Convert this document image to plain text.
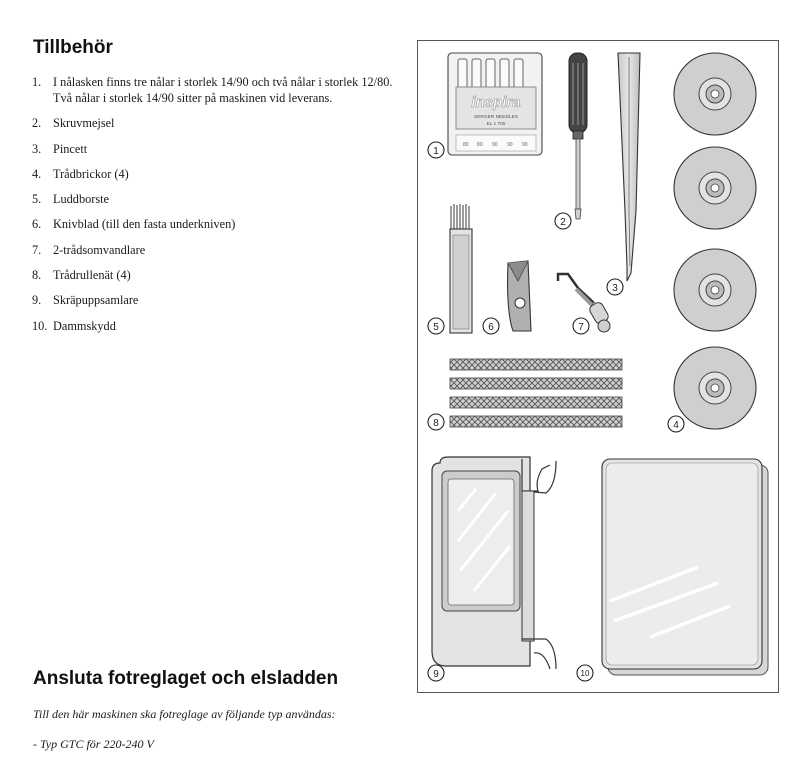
Tillbehör
1. I nålasken finns tre nålar i storlek 14/90 och två nålar i storlek 12/80. Två nålar i storlek 14/90 sitter på maskinen vid leverans.
2. Skruvmejsel
3. Pincett
4. Trådbrickor (4)
5. Luddborste
6. Knivblad (till den fasta underkniven)
7. 2-trådsomvandlare
8. Trådrullenät (4)
9. Skräpuppsamlare
10. Dammskydd
Ansluta fotreglaget och elsladden

Till den här maskinen ska fotreglage av följande typ användas:

- Typ GTC för 220-240 V

inspira
SERGER NEEDLES
EL x 705
80 80 90 90 90
1
2
3
4
5	6	7
8
9	10
